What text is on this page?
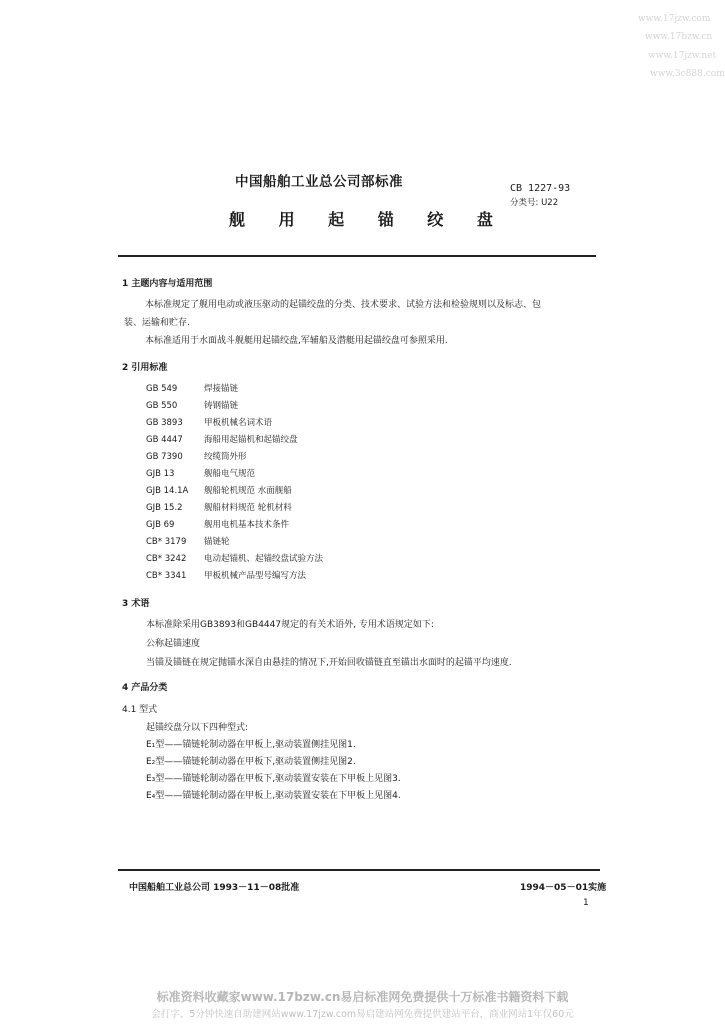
www.17jzw.com
www.17bzw.cn
www.17jzw.net
www.3c888.com
中国船舶工业总公司部标准	CB 1227-93
分类号: U22
舰 用 起 锚 绞 盘
1 主题内容与适用范围
本标准规定了舰用电动或液压驱动的起锚绞盘的分类、技术要求、试验方法和检验规则以及标志、包
装、运输和贮存.
本标准适用于水面战斗舰艇用起锚绞盘,军辅船及潜艇用起锚绞盘可参照采用.
2 引用标准
GB 549	焊接锚链
GB 550	铸钢锚链
GB 3893 甲板机械名词术语
GB 4447 海船用起锚机和起锚绞盘
GB 7390 绞缆筒外形
GJB 13	舰船电气规范
GJB 14.1A 舰船轮机规范 水面舰船
GJB 15.2	舰船材料规范 轮机材料
GJB 69	舰用电机基本技术条件
CB* 3179 锚链轮
CB* 3242 电动起锚机、起锚绞盘试验方法
CB* 3341 甲板机械产品型号编写方法
3 术语
本标准除采用GB3893和GB4447规定的有关术语外, 专用术语规定如下:
公称起锚速度
当锚及锚链在规定抛锚水深自由悬挂的情况下,开始回收锚链直至锚出水面时的起锚平均速度.
4 产品分类
4.1 型式
起锚绞盘分以下四种型式:
E₁型——锚链轮制动器在甲板上,驱动装置侧挂见图1.
E₂型——锚链轮制动器在甲板下,驱动装置侧挂见图2.
E₃型——锚链轮制动器在甲板下,驱动装置安装在下甲板上见图3.
E₄型——锚链轮制动器在甲板上,驱动装置安装在下甲板上见图4.
中国船舶工业总公司 1993－11－08批准	1994－05－01实施
1
标准资料收藏家www.17bzw.cn易启标准网免费提供十万标准书籍资料下载
会打字、5分钟快速自助建网站www.17jzw.com易启建站网免费提供建站平台，商业网站1年仅60元
